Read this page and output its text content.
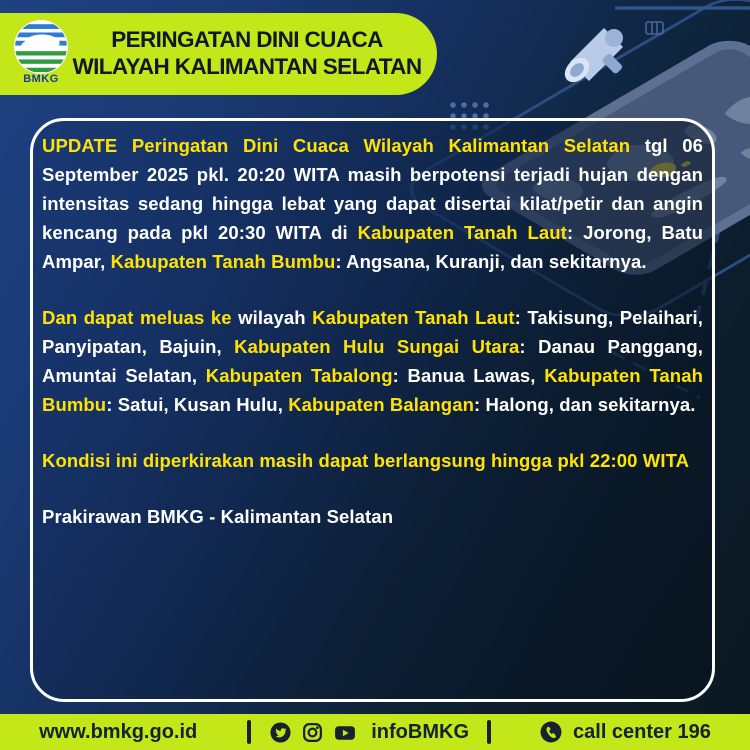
BMKG
PERINGATAN DINI CUACA
WILAYAH KALIMANTAN SELATAN

UPDATE Peringatan Dini Cuaca Wilayah Kalimantan Selatan tgl 06 September 2025 pkl. 20:20 WITA masih berpotensi terjadi hujan dengan intensitas sedang hingga lebat yang dapat disertai kilat/petir dan angin kencang pada pkl 20:30 WITA di Kabupaten Tanah Laut: Jorong, Batu Ampar, Kabupaten Tanah Bumbu: Angsana, Kuranji, dan sekitarnya.

Dan dapat meluas ke wilayah Kabupaten Tanah Laut: Takisung, Pelaihari, Panyipatan, Bajuin, Kabupaten Hulu Sungai Utara: Danau Panggang, Amuntai Selatan, Kabupaten Tabalong: Banua Lawas, Kabupaten Tanah Bumbu: Satui, Kusan Hulu, Kabupaten Balangan: Halong, dan sekitarnya.

Kondisi ini diperkirakan masih dapat berlangsung hingga pkl 22:00 WITA

Prakirawan BMKG - Kalimantan Selatan

www.bmkg.go.id	infoBMKG	call center 196
